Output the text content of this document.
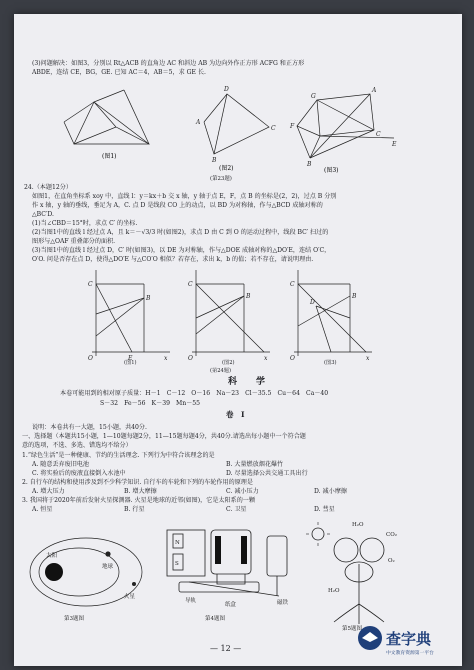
(3)问题解决：如图3，分别以 Rt△ACB 的直角边 AC 和斜边 AB 为边向外作正方形 ACFG 和正方形
ABDE，连结 CE，BG，GE. 已知 AC＝4，AB＝5，求 GE 长.
(图1)
D
A
C
B
(图2)
G
A
F
C
E
B
(图3)
(第23题)
24.（本题12分）
如图1，在直角坐标系 xoy 中，直线 l：y＝kx＋b 交 x 轴，y 轴于点 E，F，点 B 的坐标是(2，2)，过点 B 分别
作 x 轴，y 轴的垂线，垂足为 A，C. 点 D 是线段 CO 上的动点，以 BD 为对称轴，作与△BCD 成轴对称的
△BC′D.
(1)当∠CBD＝15°时，求点 C′ 的坐标.
(2)当图1中的直线 l 经过点 A，且 k＝－√3/3 时(如图2)，求点 D 由 C 到 O 的运动过程中，线段 BC′ 扫过的
图形与△OAF 重叠部分的面积.
(3)当图1中的直线 l 经过点 D，C′ 时(如图3)，以 DE 为对称轴，作与△DOE 成轴对称的△DO′E，连结 O′C，
O′O. 问是否存在点 D，使得△DO′E 与△CO′O 相似？若存在，求出 k，b 的值；若不存在，请说明理由.
C
B
O	E	x
C
B
O	x
C
D
B
O	x
(图1)	(图2)	(图3)
(第24题)
科　学
本卷可能用到的相对原子质量：H－1　C－12　O－16　Na－23　Cl－35.5　Cu－64　Ca－40
S－32　Fe－56　K－39　Mn－55
卷　Ⅰ
说明：本卷共有一大题，15小题，共40分.
一、选择题（本题共15小题，1—10题每题2分，11—15题每题4分，共40分.请选出每小题中一个符合题
意的选项，不选、多选、错选均不给分）
1.“绿色生活”是一种健康、节约的生活理念. 下列行为中符合该理念的是
A. 随意丢弃废旧电池	B. 大量燃放烟花爆竹
C. 将实验后的废液直接倒入水池中	D. 尽量选择公共交通工具出行
2. 自行车的结构和使用涉及到不少科学知识. 自行车的车轮和下列的车轮作用的原理是
A. 增大压力	B. 增大摩擦	C. 减小压力	D. 减小摩擦
3. 我国将于2020年前后发射火星探测器. 火星是地球的近邻(如图)，它是太阳系的一颗
A. 恒星	B. 行星	C. 卫星	D. 彗星
太阳
地球
火星
第3题图
N
S
磁铁
纸盒
导轨
第4题图
H₂O
CO₂
O₂
H₂O
第5题图
— 12 —
查字典
中文教育资源第一平台
